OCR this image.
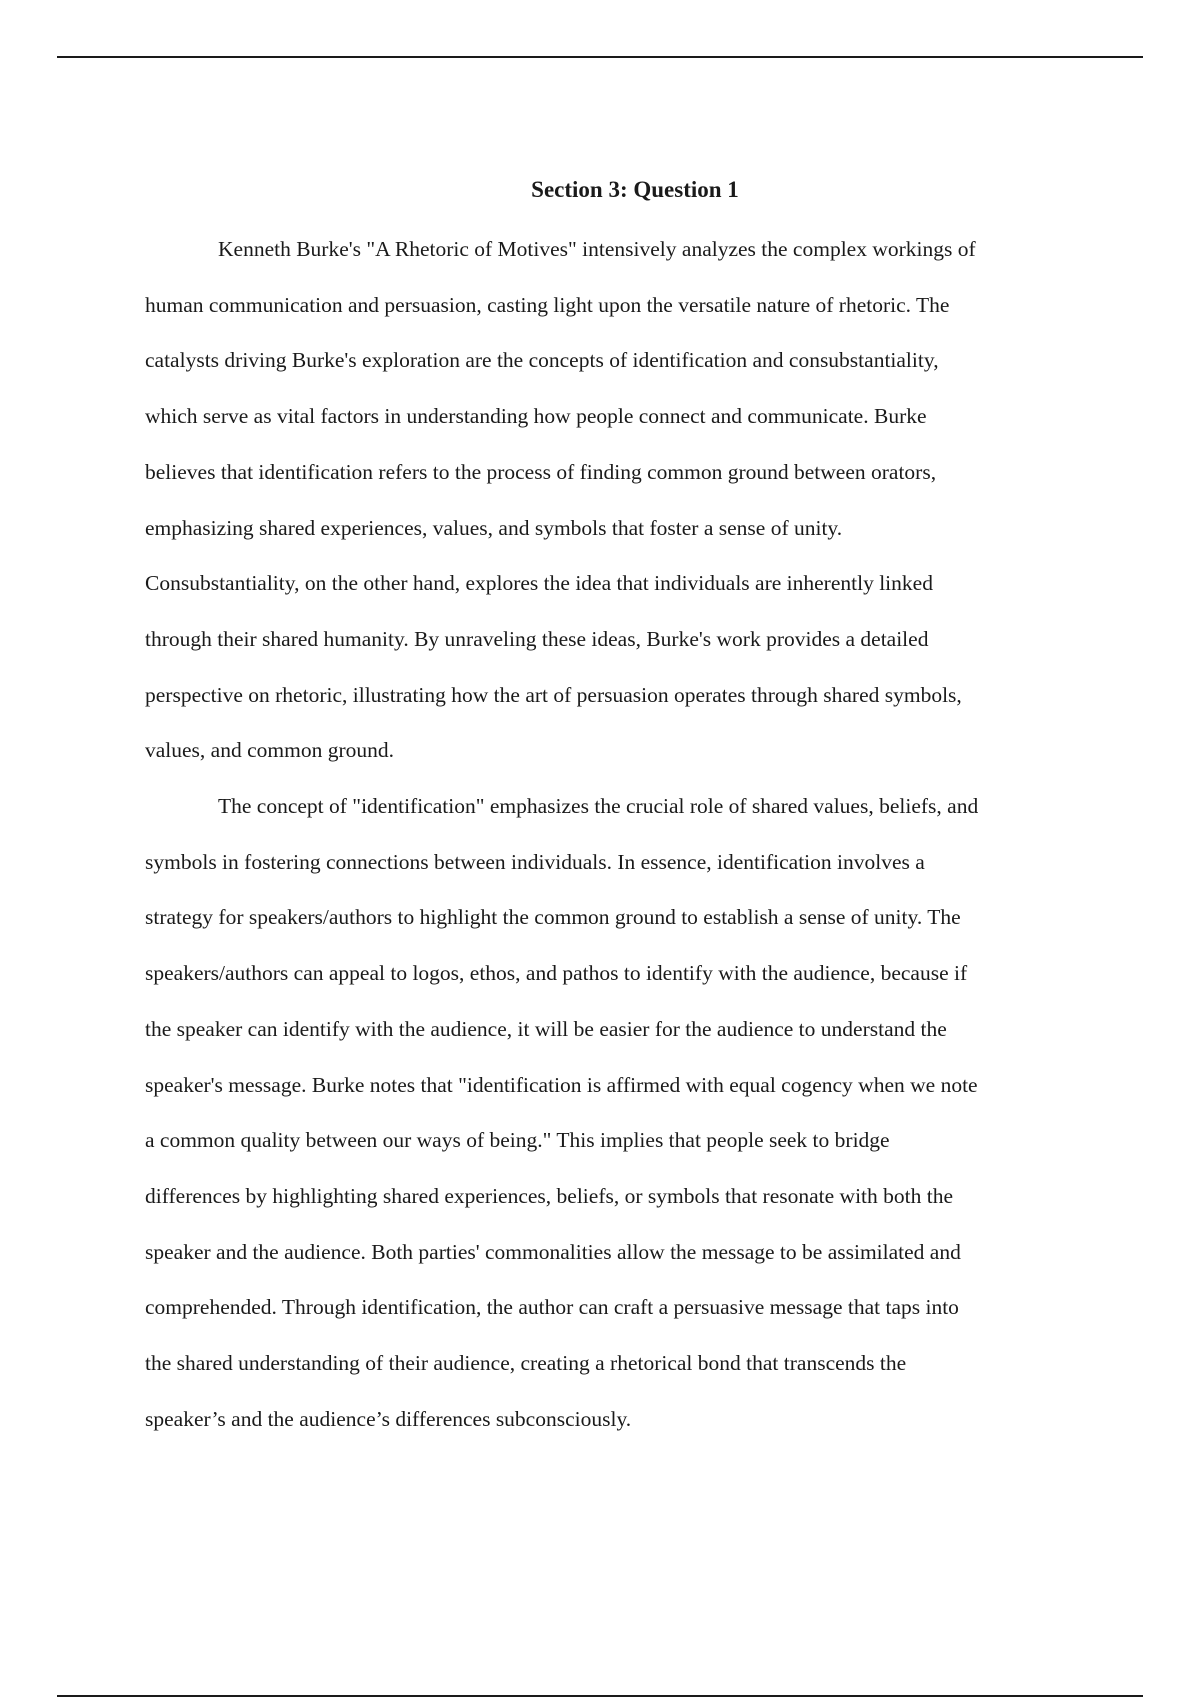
Section 3: Question 1

Kenneth Burke's "A Rhetoric of Motives" intensively analyzes the complex workings of
human communication and persuasion, casting light upon the versatile nature of rhetoric. The
catalysts driving Burke's exploration are the concepts of identification and consubstantiality,
which serve as vital factors in understanding how people connect and communicate. Burke
believes that identification refers to the process of finding common ground between orators,
emphasizing shared experiences, values, and symbols that foster a sense of unity.
Consubstantiality, on the other hand, explores the idea that individuals are inherently linked
through their shared humanity. By unraveling these ideas, Burke's work provides a detailed
perspective on rhetoric, illustrating how the art of persuasion operates through shared symbols,
values, and common ground.

The concept of "identification" emphasizes the crucial role of shared values, beliefs, and
symbols in fostering connections between individuals. In essence, identification involves a
strategy for speakers/authors to highlight the common ground to establish a sense of unity. The
speakers/authors can appeal to logos, ethos, and pathos to identify with the audience, because if
the speaker can identify with the audience, it will be easier for the audience to understand the
speaker's message. Burke notes that "identification is affirmed with equal cogency when we note
a common quality between our ways of being." This implies that people seek to bridge
differences by highlighting shared experiences, beliefs, or symbols that resonate with both the
speaker and the audience. Both parties' commonalities allow the message to be assimilated and
comprehended. Through identification, the author can craft a persuasive message that taps into
the shared understanding of their audience, creating a rhetorical bond that transcends the
speaker’s and the audience’s differences subconsciously.
